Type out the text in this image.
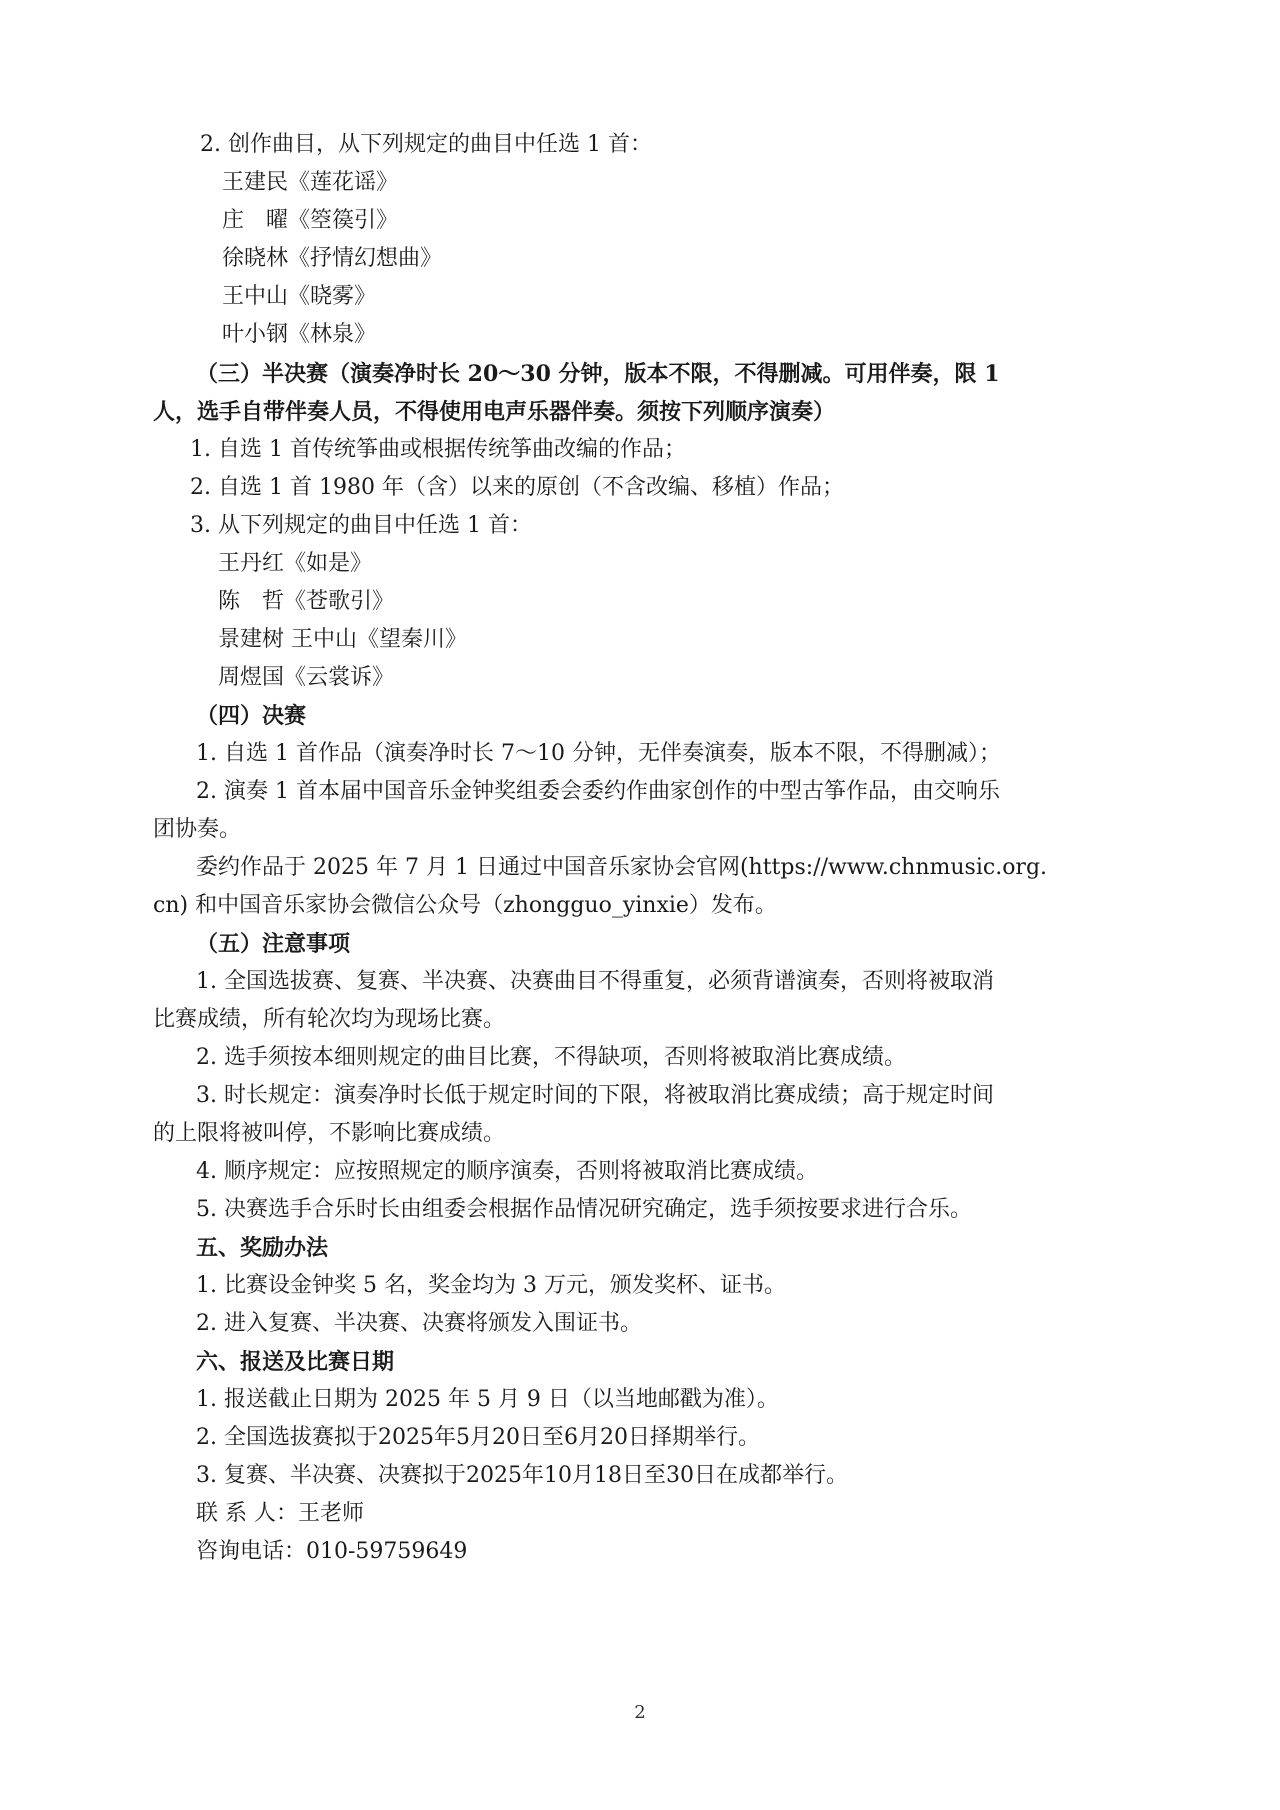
2. 创作曲目，从下列规定的曲目中任选 1 首：
王建民《莲花谣》
庄　曜《箜篌引》
徐晓林《抒情幻想曲》
王中山《晓雾》
叶小钢《林泉》
（三）半决赛（演奏净时长 20～30 分钟，版本不限，不得删减。可用伴奏，限 1
人，选手自带伴奏人员，不得使用电声乐器伴奏。须按下列顺序演奏）
1. 自选 1 首传统筝曲或根据传统筝曲改编的作品；
2. 自选 1 首 1980 年（含）以来的原创（不含改编、移植）作品；
3. 从下列规定的曲目中任选 1 首：
王丹红《如是》
陈　哲《苍歌引》
景建树 王中山《望秦川》
周煜国《云裳诉》
（四）决赛
1. 自选 1 首作品（演奏净时长 7～10 分钟，无伴奏演奏，版本不限，不得删减）；
2. 演奏 1 首本届中国音乐金钟奖组委会委约作曲家创作的中型古筝作品，由交响乐
团协奏。
委约作品于 2025 年 7 月 1 日通过中国音乐家协会官网(https://www.chnmusic.org.
cn) 和中国音乐家协会微信公众号（zhongguo_yinxie）发布。
（五）注意事项
1. 全国选拔赛、复赛、半决赛、决赛曲目不得重复，必须背谱演奏，否则将被取消
比赛成绩，所有轮次均为现场比赛。
2. 选手须按本细则规定的曲目比赛，不得缺项，否则将被取消比赛成绩。
3. 时长规定：演奏净时长低于规定时间的下限，将被取消比赛成绩；高于规定时间
的上限将被叫停，不影响比赛成绩。
4. 顺序规定：应按照规定的顺序演奏，否则将被取消比赛成绩。
5. 决赛选手合乐时长由组委会根据作品情况研究确定，选手须按要求进行合乐。
五、奖励办法
1. 比赛设金钟奖 5 名，奖金均为 3 万元，颁发奖杯、证书。
2. 进入复赛、半决赛、决赛将颁发入围证书。
六、报送及比赛日期
1. 报送截止日期为 2025 年 5 月 9 日（以当地邮戳为准）。
2. 全国选拔赛拟于2025年5月20日至6月20日择期举行。
3. 复赛、半决赛、决赛拟于2025年10月18日至30日在成都举行。
联 系 人：王老师
咨询电话：010-59759649
2
